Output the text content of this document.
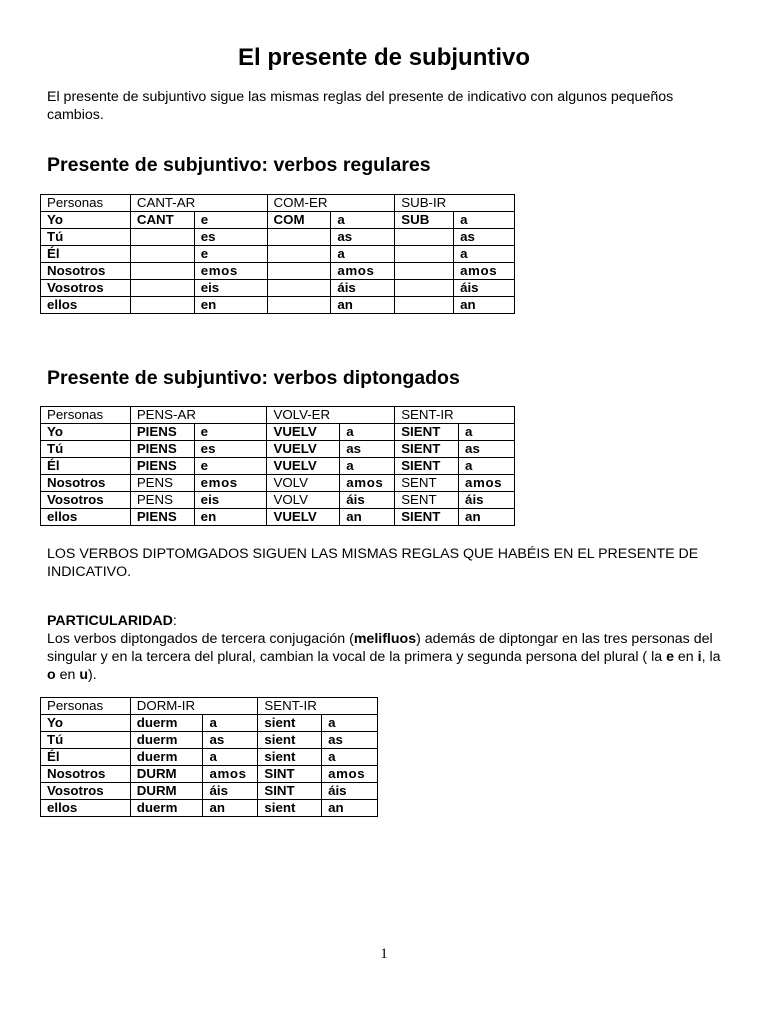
El presente de subjuntivo

El presente de subjuntivo sigue las mismas reglas del presente de indicativo con algunos pequeños cambios.

Presente de subjuntivo: verbos regulares
Personas	CANT-AR		COM-ER		SUB-IR	
Yo	CANT	e	COM	a	SUB	a
Tú		es		as		as
Él		e		a		a
Nosotros		emos		amos		amos
Vosotros		eis		áis		áis
ellos		en		an		an
Presente de subjuntivo: verbos diptongados
Personas	PENS-AR		VOLV-ER		SENT-IR	
Yo	PIENS	e	VUELV	a	SIENT	a
Tú	PIENS	es	VUELV	as	SIENT	as
Él	PIENS	e	VUELV	a	SIENT	a
Nosotros	PENS	emos	VOLV	amos	SENT	amos
Vosotros	PENS	eis	VOLV	áis	SENT	áis
ellos	PIENS	en	VUELV	an	SIENT	an

LOS VERBOS DIPTOMGADOS SIGUEN LAS MISMAS REGLAS QUE HABÉIS EN EL PRESENTE DE INDICATIVO.

PARTICULARIDAD:
Los verbos diptongados de tercera conjugación (melifluos) además de diptongar en las tres personas del singular y en la tercera del plural, cambian la vocal de la primera y segunda persona del plural ( la e en i, la o en u).

Personas	DORM-IR		SENT-IR	
Yo	duerm	a	sient	a
Tú	duerm	as	sient	as
Él	duerm	a	sient	a
Nosotros	DURM	amos	SINT	amos
Vosotros	DURM	áis	SINT	áis
ellos	duerm	an	sient	an
1
